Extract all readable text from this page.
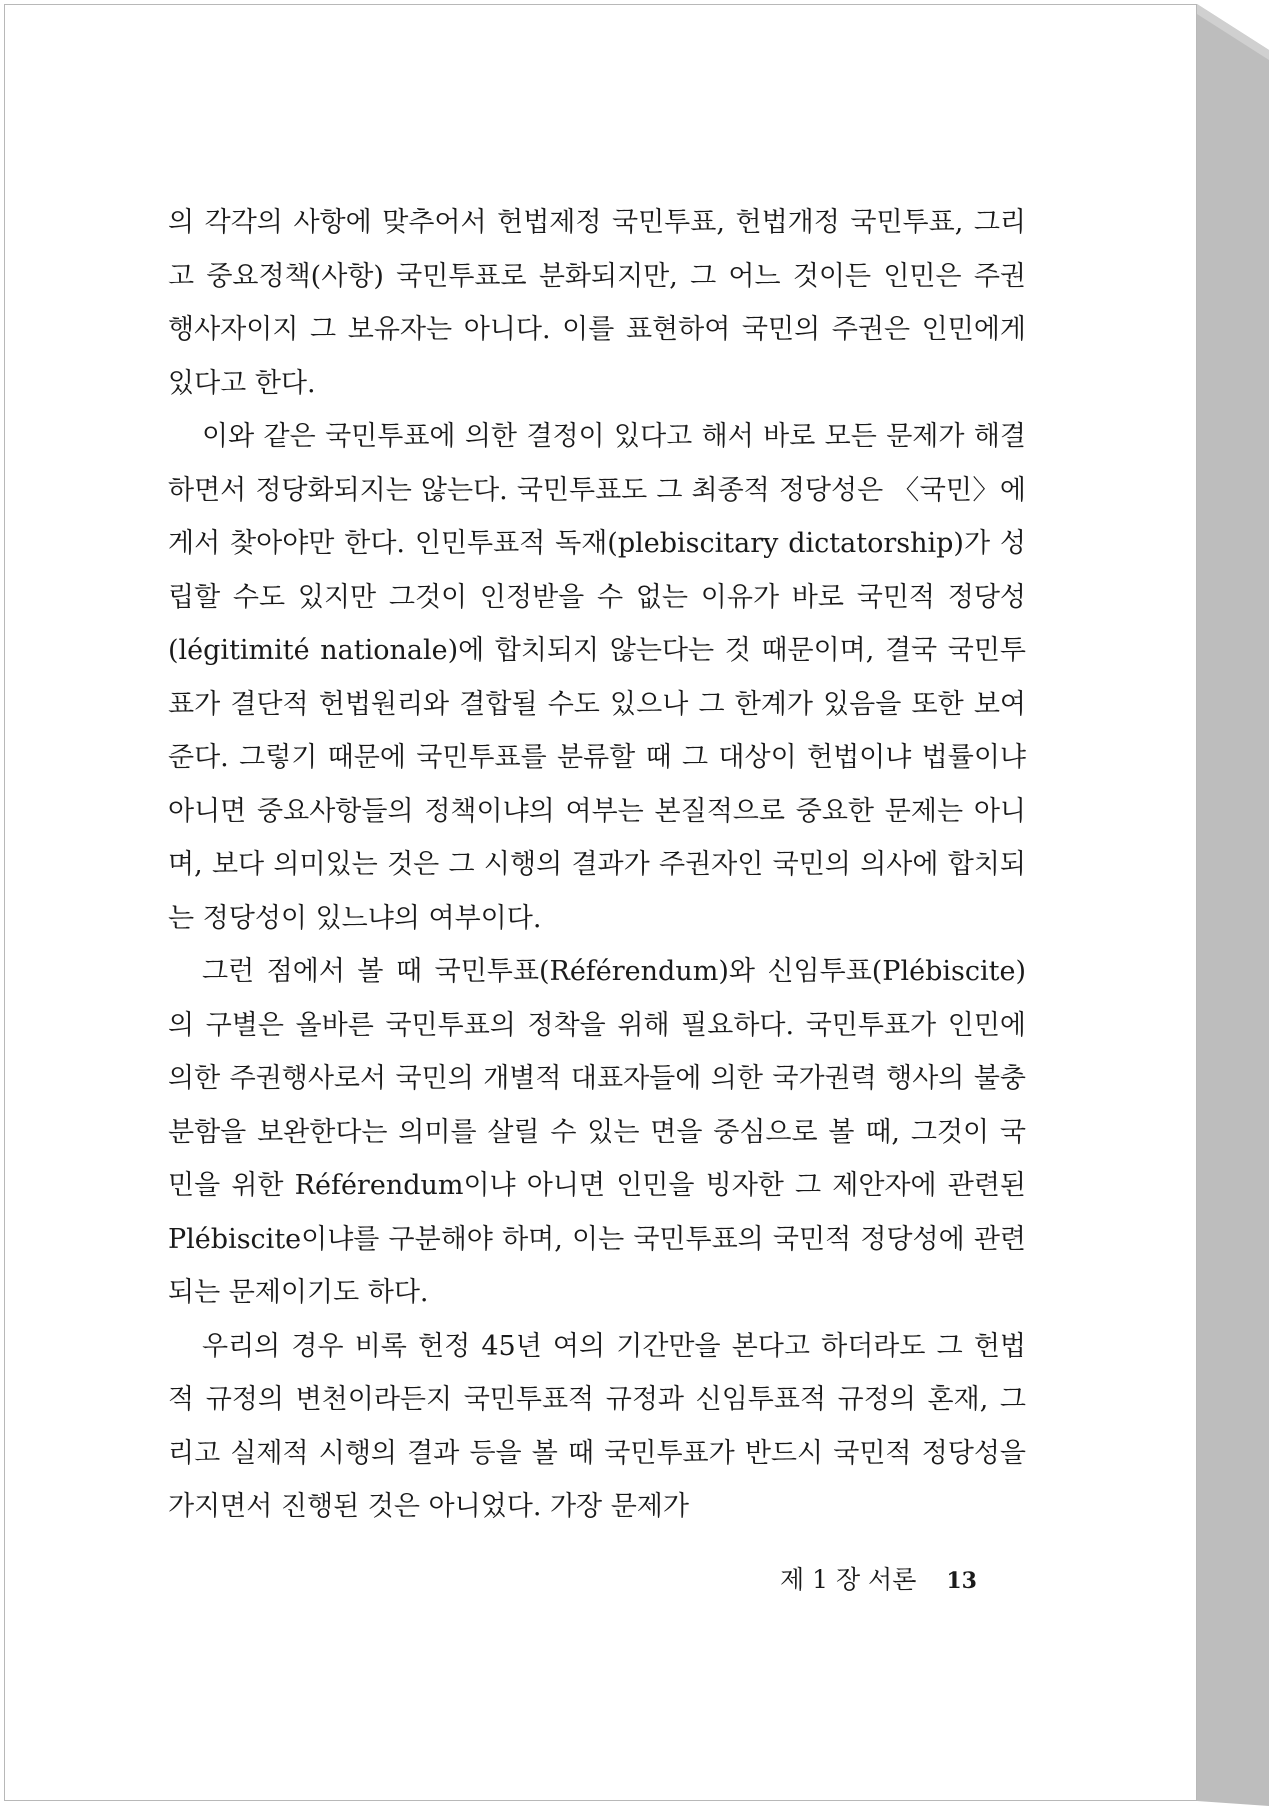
의 각각의 사항에 맞추어서 헌법제정 국민투표, 헌법개정 국민투표, 그리고 중요정책(사항) 국민투표로 분화되지만, 그 어느 것이든 인민은 주권 행사자이지 그 보유자는 아니다. 이를 표현하여 국민의 주권은 인민에게 있다고 한다.

이와 같은 국민투표에 의한 결정이 있다고 해서 바로 모든 문제가 해결하면서 정당화되지는 않는다. 국민투표도 그 최종적 정당성은 〈국민〉에게서 찾아야만 한다. 인민투표적 독재(plebiscitary dictatorship)가 성립할 수도 있지만 그것이 인정받을 수 없는 이유가 바로 국민적 정당성(légitimité nationale)에 합치되지 않는다는 것 때문이며, 결국 국민투표가 결단적 헌법원리와 결합될 수도 있으나 그 한계가 있음을 또한 보여준다. 그렇기 때문에 국민투표를 분류할 때 그 대상이 헌법이냐 법률이냐 아니면 중요사항들의 정책이냐의 여부는 본질적으로 중요한 문제는 아니며, 보다 의미있는 것은 그 시행의 결과가 주권자인 국민의 의사에 합치되는 정당성이 있느냐의 여부이다.

그런 점에서 볼 때 국민투표(Référendum)와 신임투표(Plébiscite)의 구별은 올바른 국민투표의 정착을 위해 필요하다. 국민투표가 인민에 의한 주권행사로서 국민의 개별적 대표자들에 의한 국가권력 행사의 불충분함을 보완한다는 의미를 살릴 수 있는 면을 중심으로 볼 때, 그것이 국민을 위한 Référendum이냐 아니면 인민을 빙자한 그 제안자에 관련된 Plébiscite이냐를 구분해야 하며, 이는 국민투표의 국민적 정당성에 관련되는 문제이기도 하다.

우리의 경우 비록 헌정 45년 여의 기간만을 본다고 하더라도 그 헌법적 규정의 변천이라든지 국민투표적 규정과 신임투표적 규정의 혼재, 그리고 실제적 시행의 결과 등을 볼 때 국민투표가 반드시 국민적 정당성을 가지면서 진행된 것은 아니었다. 가장 문제가

제 1 장 서론 13
